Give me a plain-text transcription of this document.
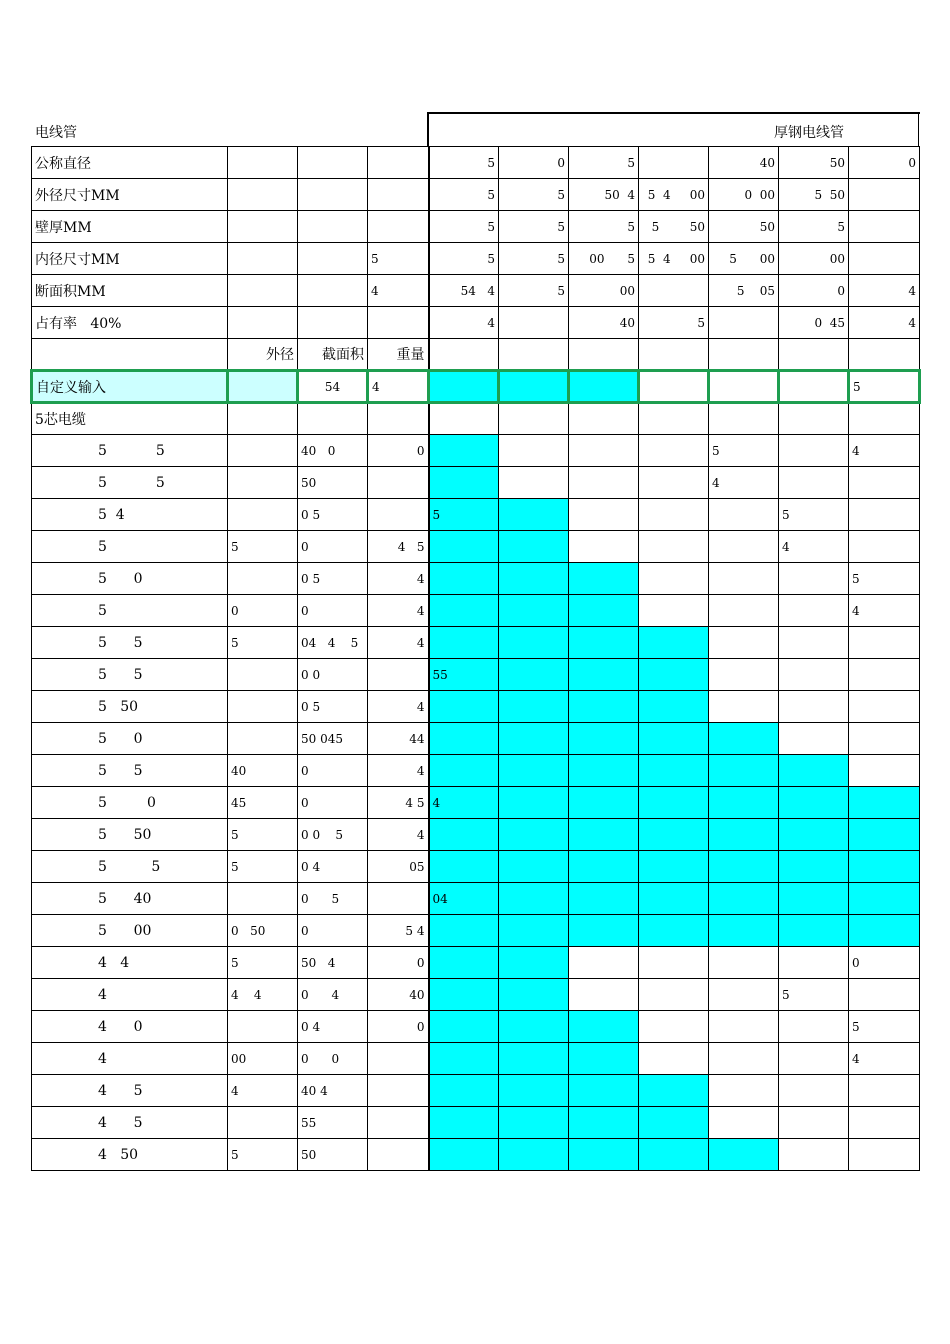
电线管	厚钢电线管
公称直径				5	0	5		40	50	0
外径尺寸MM				5	5	50  4	5  4     00	0  00	5  50	
壁厚MM				5	5	5	5        50	50	5	
内径尺寸MM			5	5	5	00      5	5  4     00	5      00	00	
断面积MM			4	54   4	5	00		5    05	0	4
占有率   40%				4		40	5		0  45	4
	外径	截面积	重量							
自定义输入		54	4							5
5芯电缆										
5           5		40   0	0					5		4
5           5		50						4		
5  4		0 5		5					5	
5	5	0	4   5						4	
5      0		0 5	4							5
5	0	0	4							4
5      5	5	04   4    5	4							
5      5		0 0		55						
5   50		0 5	4							
5      0		50 045	44							
5      5	40	0	4							
5         0	45	0	4 5	4						
5      50	5	0 0    5	4							
5          5	5	0 4	05							
5      40		0      5		04						
5      00	0   50	0	5 4							
4   4	5	50   4	0							0
4	4    4	0      4	40						5	
4      0		0 4	0							5
4	00	0      0								4
4      5	4	40 4								
4      5		55								
4   50	5	50								
